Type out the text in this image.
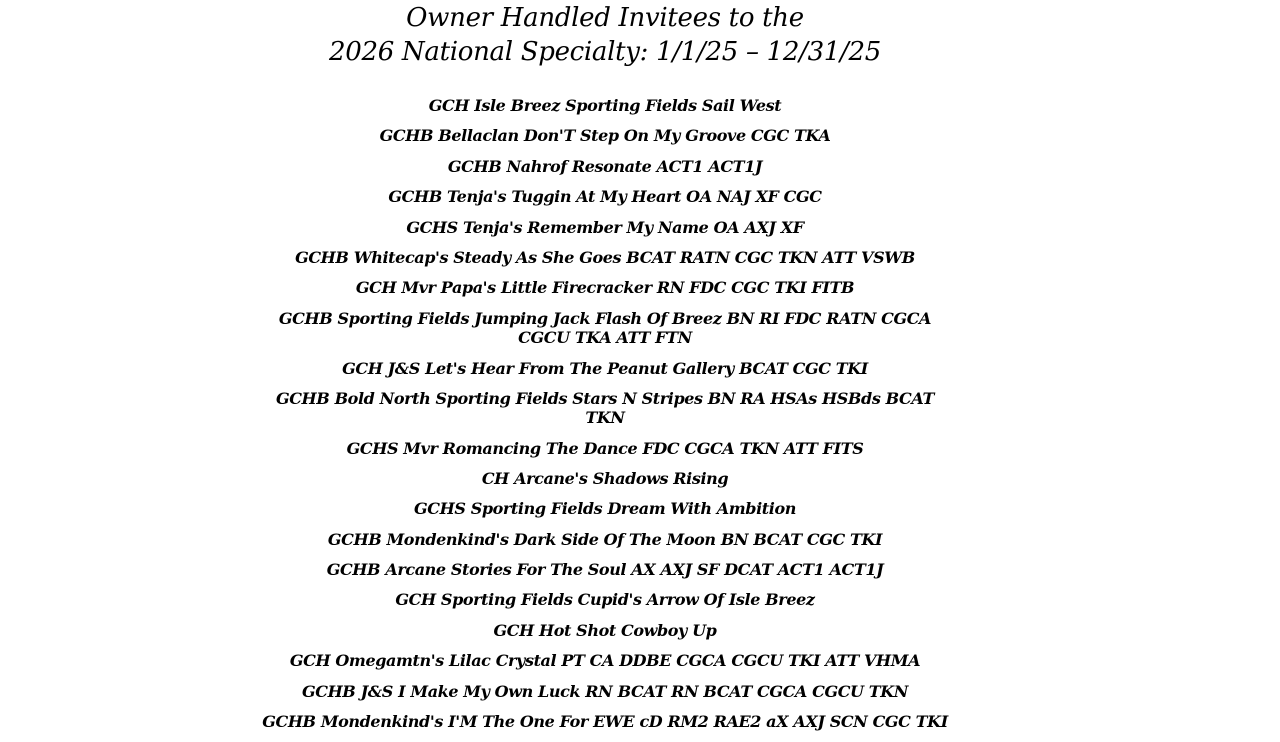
Owner Handled Invitees to the
2026 National Specialty: 1/1/25 – 12/31/25
GCH Isle Breez Sporting Fields Sail West
GCHB Bellaclan Don'T Step On My Groove CGC TKA
GCHB Nahrof Resonate ACT1 ACT1J
GCHB Tenja's Tuggin At My Heart OA NAJ XF CGC
GCHS Tenja's Remember My Name OA AXJ XF
GCHB Whitecap's Steady As She Goes BCAT RATN CGC TKN ATT VSWB
GCH Mvr Papa's Little Firecracker RN FDC CGC TKI FITB
GCHB Sporting Fields Jumping Jack Flash Of Breez BN RI FDC RATN CGCA CGCU TKA ATT FTN
GCH J&S Let's Hear From The Peanut Gallery BCAT CGC TKI
GCHB Bold North Sporting Fields Stars N Stripes BN RA HSAs HSBds BCAT TKN
GCHS Mvr Romancing The Dance FDC CGCA TKN ATT FITS
CH Arcane's Shadows Rising
GCHS Sporting Fields Dream With Ambition
GCHB Mondenkind's Dark Side Of The Moon BN BCAT CGC TKI
GCHB Arcane Stories For The Soul AX AXJ SF DCAT ACT1 ACT1J
GCH Sporting Fields Cupid's Arrow Of Isle Breez
GCH Hot Shot Cowboy Up
GCH Omegamtn's Lilac Crystal PT CA DDBE CGCA CGCU TKI ATT VHMA
GCHB J&S I Make My Own Luck RN BCAT RN BCAT CGCA CGCU TKN
GCHB Mondenkind's I'M The One For EWE cD RM2 RAE2 aX AXJ SCN CGC TKI
